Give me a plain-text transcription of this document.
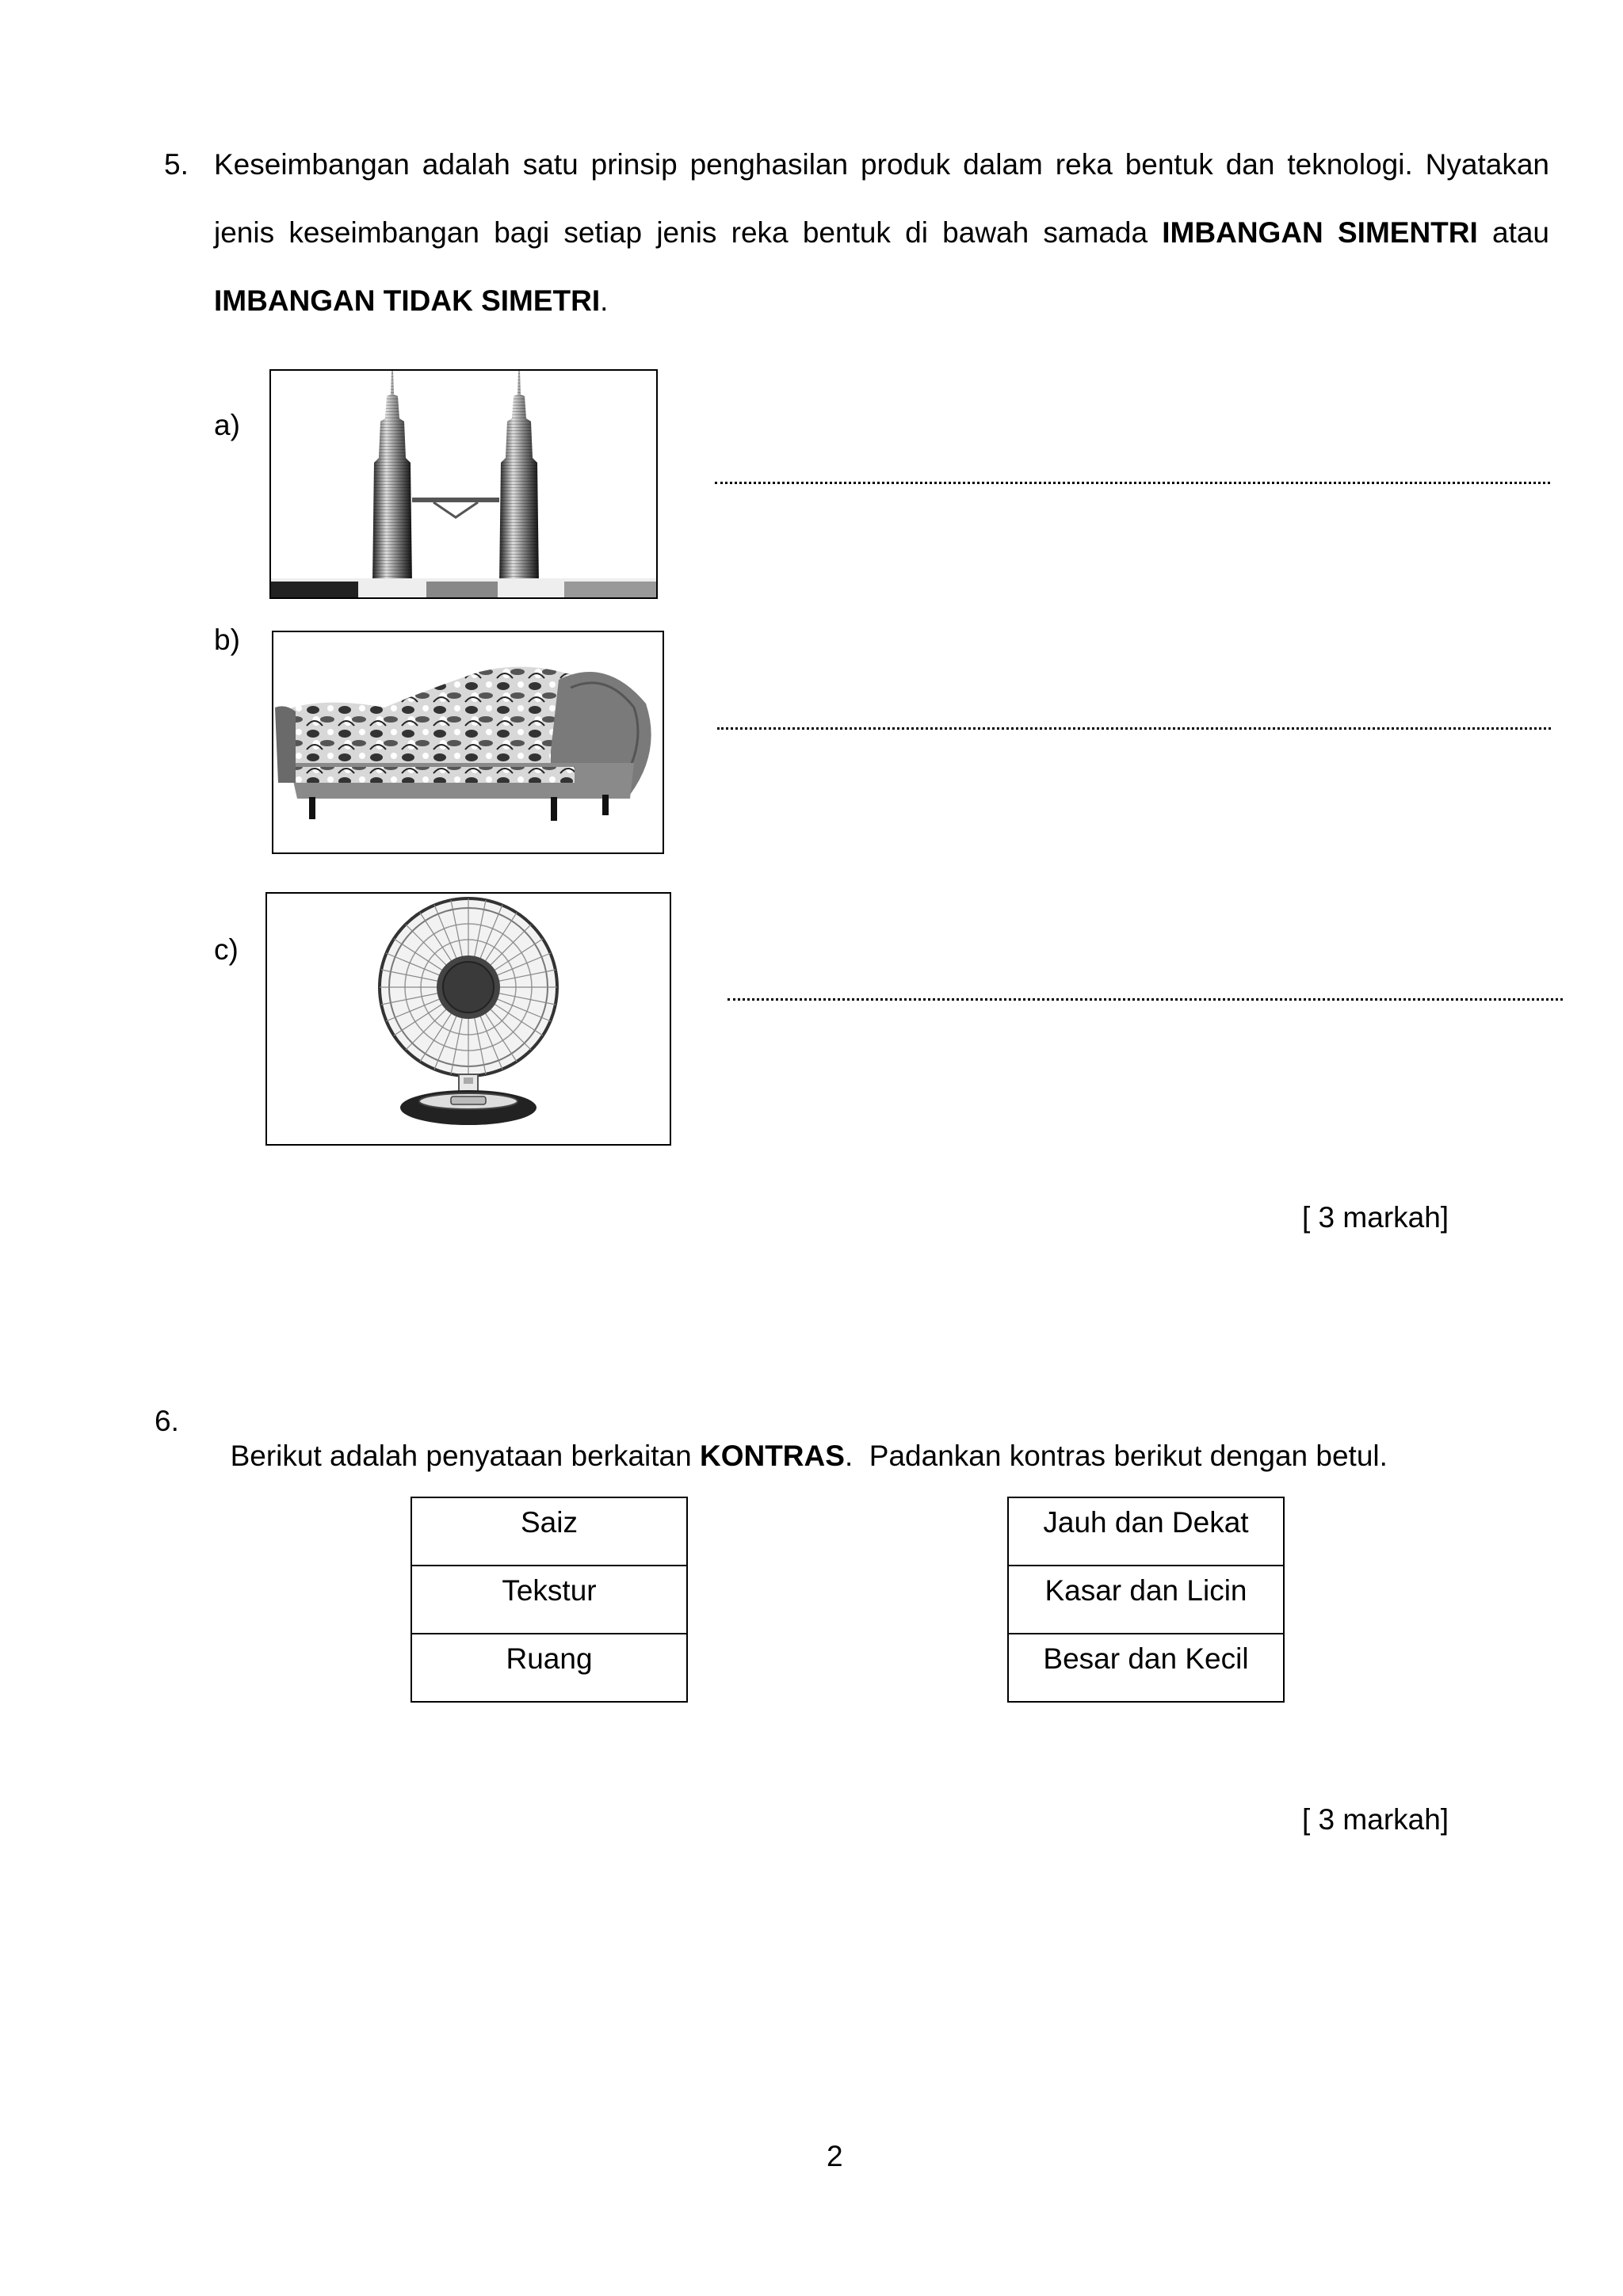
5. Keseimbangan adalah satu prinsip penghasilan produk dalam reka bentuk dan teknologi. Nyatakan
jenis keseimbangan bagi setiap jenis reka bentuk di bawah samada IMBANGAN SIMENTRI atau
IMBANGAN TIDAK SIMETRI.
a)
b)
c)
[ 3 markah]
6.

Berikut adalah penyataan berkaitan KONTRAS.  Padankan kontras berikut dengan betul.

Saiz
Tekstur
Ruang
Jauh dan Dekat
Kasar dan Licin
Besar dan Kecil
[ 3 markah]
2
